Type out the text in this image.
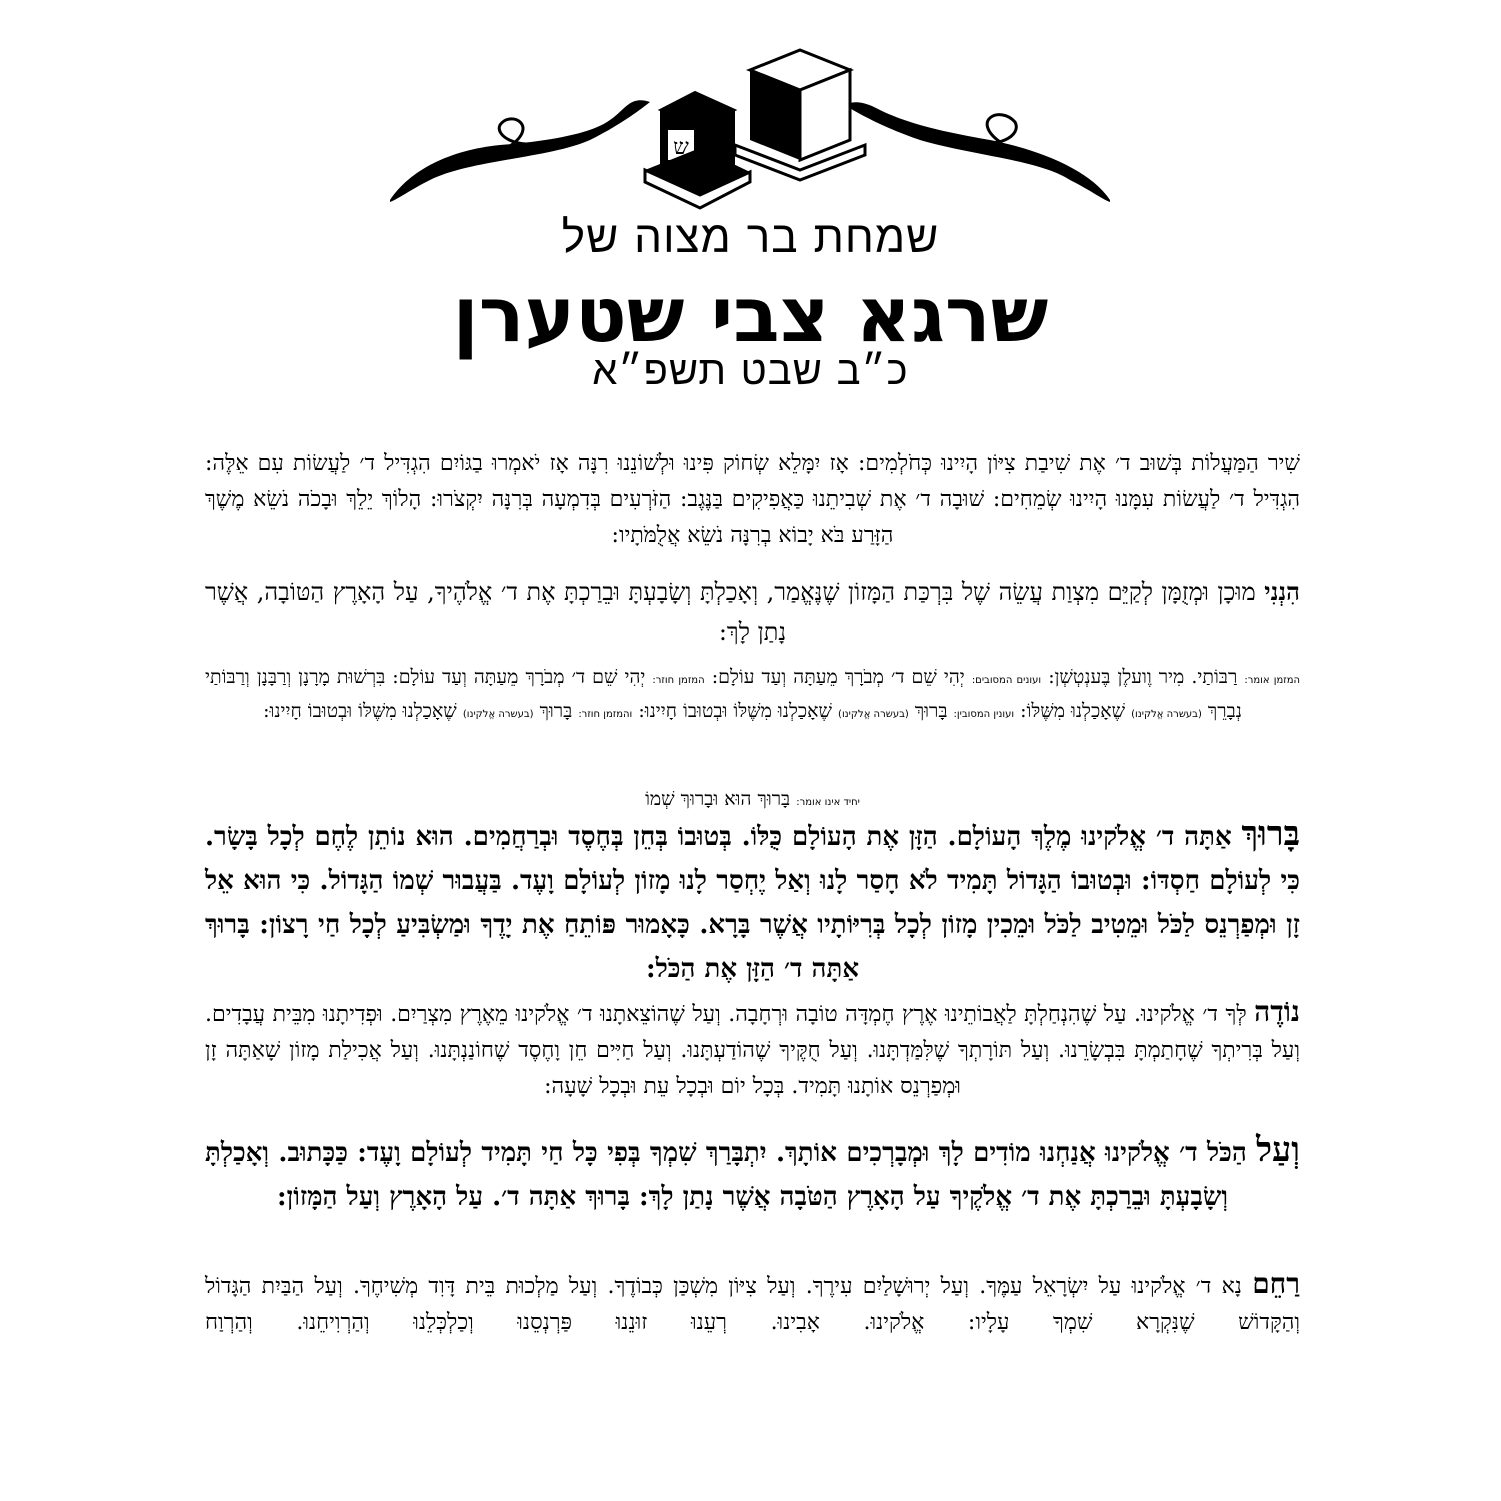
ש
שמחת בר מצוה של
שרגא צבי שטערן
כ״ב שבט תשפ״א

שִׁיר הַמַּעֲלוֹת בְּשׁוּב ד׳ אֶת שִׁיבַת צִיּוֹן הָיִינוּ כְּחֹלְמִים: אָז יִמָּלֵא שְׂחוֹק פִּינוּ וּלְשׁוֹנֵנוּ רִנָּה אָז יֹאמְרוּ בַגּוֹיִם הִגְדִּיל ד׳ לַעֲשׂוֹת עִם אֵלֶּה: הִגְדִּיל ד׳ לַעֲשׂוֹת עִמָּנוּ הָיִינוּ שְׂמֵחִים: שׁוּבָה ד׳ אֶת שְׁבִיתֵנוּ כַּאֲפִיקִים בַּנֶּגֶב: הַזֹּרְעִים בְּדִמְעָה בְּרִנָּה יִקְצֹרוּ: הָלוֹךְ יֵלֵךְ וּבָכֹה נֹשֵׂא מֶשֶׁךְ הַזָּרַע בֹּא יָבוֹא בְרִנָּה נֹשֵׂא אֲלֻמֹּתָיו:

הִנְנִי מוּכָן וּמְזֻמָּן לְקַיֵּם מִצְוַת עֲשֵׂה שֶׁל בִּרְכַּת הַמָּזוֹן שֶׁנֶּאֱמַר, וְאָכַלְתָּ וְשָׂבָעְתָּ וּבֵרַכְתָּ אֶת ד׳ אֱלֹהֶיךָ, עַל הָאָרֶץ הַטּוֹבָה, אֲשֶׁר נָתַן לָךְ:

המזמן אומר: רַבּוֹתַי. מִיר וֶועלֶן בֶּענְטְשְׁן: ועונים המסובים: יְהִי שֵׁם ד׳ מְבֹרָךְ מֵעַתָּה וְעַד עוֹלָם: המזמן חוזר: יְהִי שֵׁם ד׳ מְבֹרָךְ מֵעַתָּה וְעַד עוֹלָם: בִּרְשׁוּת מָרָנָן וְרַבָּנָן וְרַבּוֹתַי נְבָרֵךְ (בעשרה אֱלֹקינו) שֶׁאָכַלְנוּ מִשֶּׁלּוֹ: ועונין המסובין: בָּרוּךְ (בעשרה אֱלֹקינו) שֶׁאָכַלְנוּ מִשֶּׁלּוֹ וּבְטוּבוֹ חָיִינוּ: והמזמן חוזר: בָּרוּךְ (בעשרה אֱלֹקינו) שֶׁאָכַלְנוּ מִשֶּׁלּוֹ וּבְטוּבוֹ חָיִינוּ:

יחיד אינו אומר: בָּרוּךְ הוּא וּבָרוּךְ שְׁמוֹ

בָּרוּךְ אַתָּה ד׳ אֱלֹקינוּ מֶלֶךְ הָעוֹלָם. הַזָּן אֶת הָעוֹלָם כֻּלּוֹ. בְּטוּבוֹ בְּחֵן בְּחֶסֶד וּבְרַחֲמִים. הוּא נוֹתֵן לֶחֶם לְכָל בָּשָׂר. כִּי לְעוֹלָם חַסְדּוֹ: וּבְטוּבוֹ הַגָּדוֹל תָּמִיד לֹא חָסַר לָנוּ וְאַל יֶחְסַר לָנוּ מָזוֹן לְעוֹלָם וָעֶד. בַּעֲבוּר שְׁמוֹ הַגָּדוֹל. כִּי הוּא אֵל זָן וּמְפַרְנֵס לַכֹּל וּמֵטִיב לַכֹּל וּמֵכִין מָזוֹן לְכָל בְּרִיּוֹתָיו אֲשֶׁר בָּרָא. כָּאָמוּר פּוֹתֵחַ אֶת יָדֶךָ וּמַשְׂבִּיעַ לְכָל חַי רָצוֹן: בָּרוּךְ אַתָּה ד׳ הַזָּן אֶת הַכֹּל:

נוֹדֶה לְּךָ ד׳ אֱלֹקינוּ. עַל שֶׁהִנְחַלְתָּ לַאֲבוֹתֵינוּ אֶרֶץ חֶמְדָּה טוֹבָה וּרְחָבָה. וְעַל שֶׁהוֹצֵאתָנוּ ד׳ אֱלֹקינוּ מֵאֶרֶץ מִצְרַיִם. וּפְדִיתָנוּ מִבֵּית עֲבָדִים. וְעַל בְּרִיתְךָ שֶׁחָתַמְתָּ בִּבְשָׂרֵנוּ. וְעַל תּוֹרָתְךָ שֶׁלִּמַּדְתָּנוּ. וְעַל חֻקֶּיךָ שֶׁהוֹדַעְתָּנוּ. וְעַל חַיִּים חֵן וָחֶסֶד שֶׁחוֹנַנְתָּנוּ. וְעַל אֲכִילַת מָזוֹן שָׁאַתָּה זָן וּמְפַרְנֵס אוֹתָנוּ תָּמִיד. בְּכָל יוֹם וּבְכָל עֵת וּבְכָל שָׁעָה:

וְעַל הַכֹּל ד׳ אֱלֹקינוּ אֲנַחְנוּ מוֹדִים לָךְ וּמְבָרְכִים אוֹתָךְ. יִתְבָּרַךְ שִׁמְךָ בְּפִי כָּל חַי תָּמִיד לְעוֹלָם וָעֶד: כַּכָּתוּב. וְאָכַלְתָּ וְשָׂבָעְתָּ וּבֵרַכְתָּ אֶת ד׳ אֱלֹקֶיךָ עַל הָאָרֶץ הַטֹּבָה אֲשֶׁר נָתַן לָךְ: בָּרוּךְ אַתָּה ד׳. עַל הָאָרֶץ וְעַל הַמָּזוֹן:

רַחֵם נָא ד׳ אֱלֹקינוּ עַל יִשְׂרָאֵל עַמֶּךָ. וְעַל יְרוּשָׁלַיִם עִירֶךָ. וְעַל צִיּוֹן מִשְׁכַּן כְּבוֹדֶךָ. וְעַל מַלְכוּת בֵּית דָּוִד מְשִׁיחֶךָ. וְעַל הַבַּיִת הַגָּדוֹל וְהַקָּדוֹשׁ שֶׁנִּקְרָא שִׁמְךָ עָלָיו: אֱלֹקינוּ. אָבִינוּ. רְעֵנוּ זוּנֵנוּ פַּרְנְסֵנוּ וְכַלְכְּלֵנוּ וְהַרְוִיחֵנוּ. וְהַרְוַח
